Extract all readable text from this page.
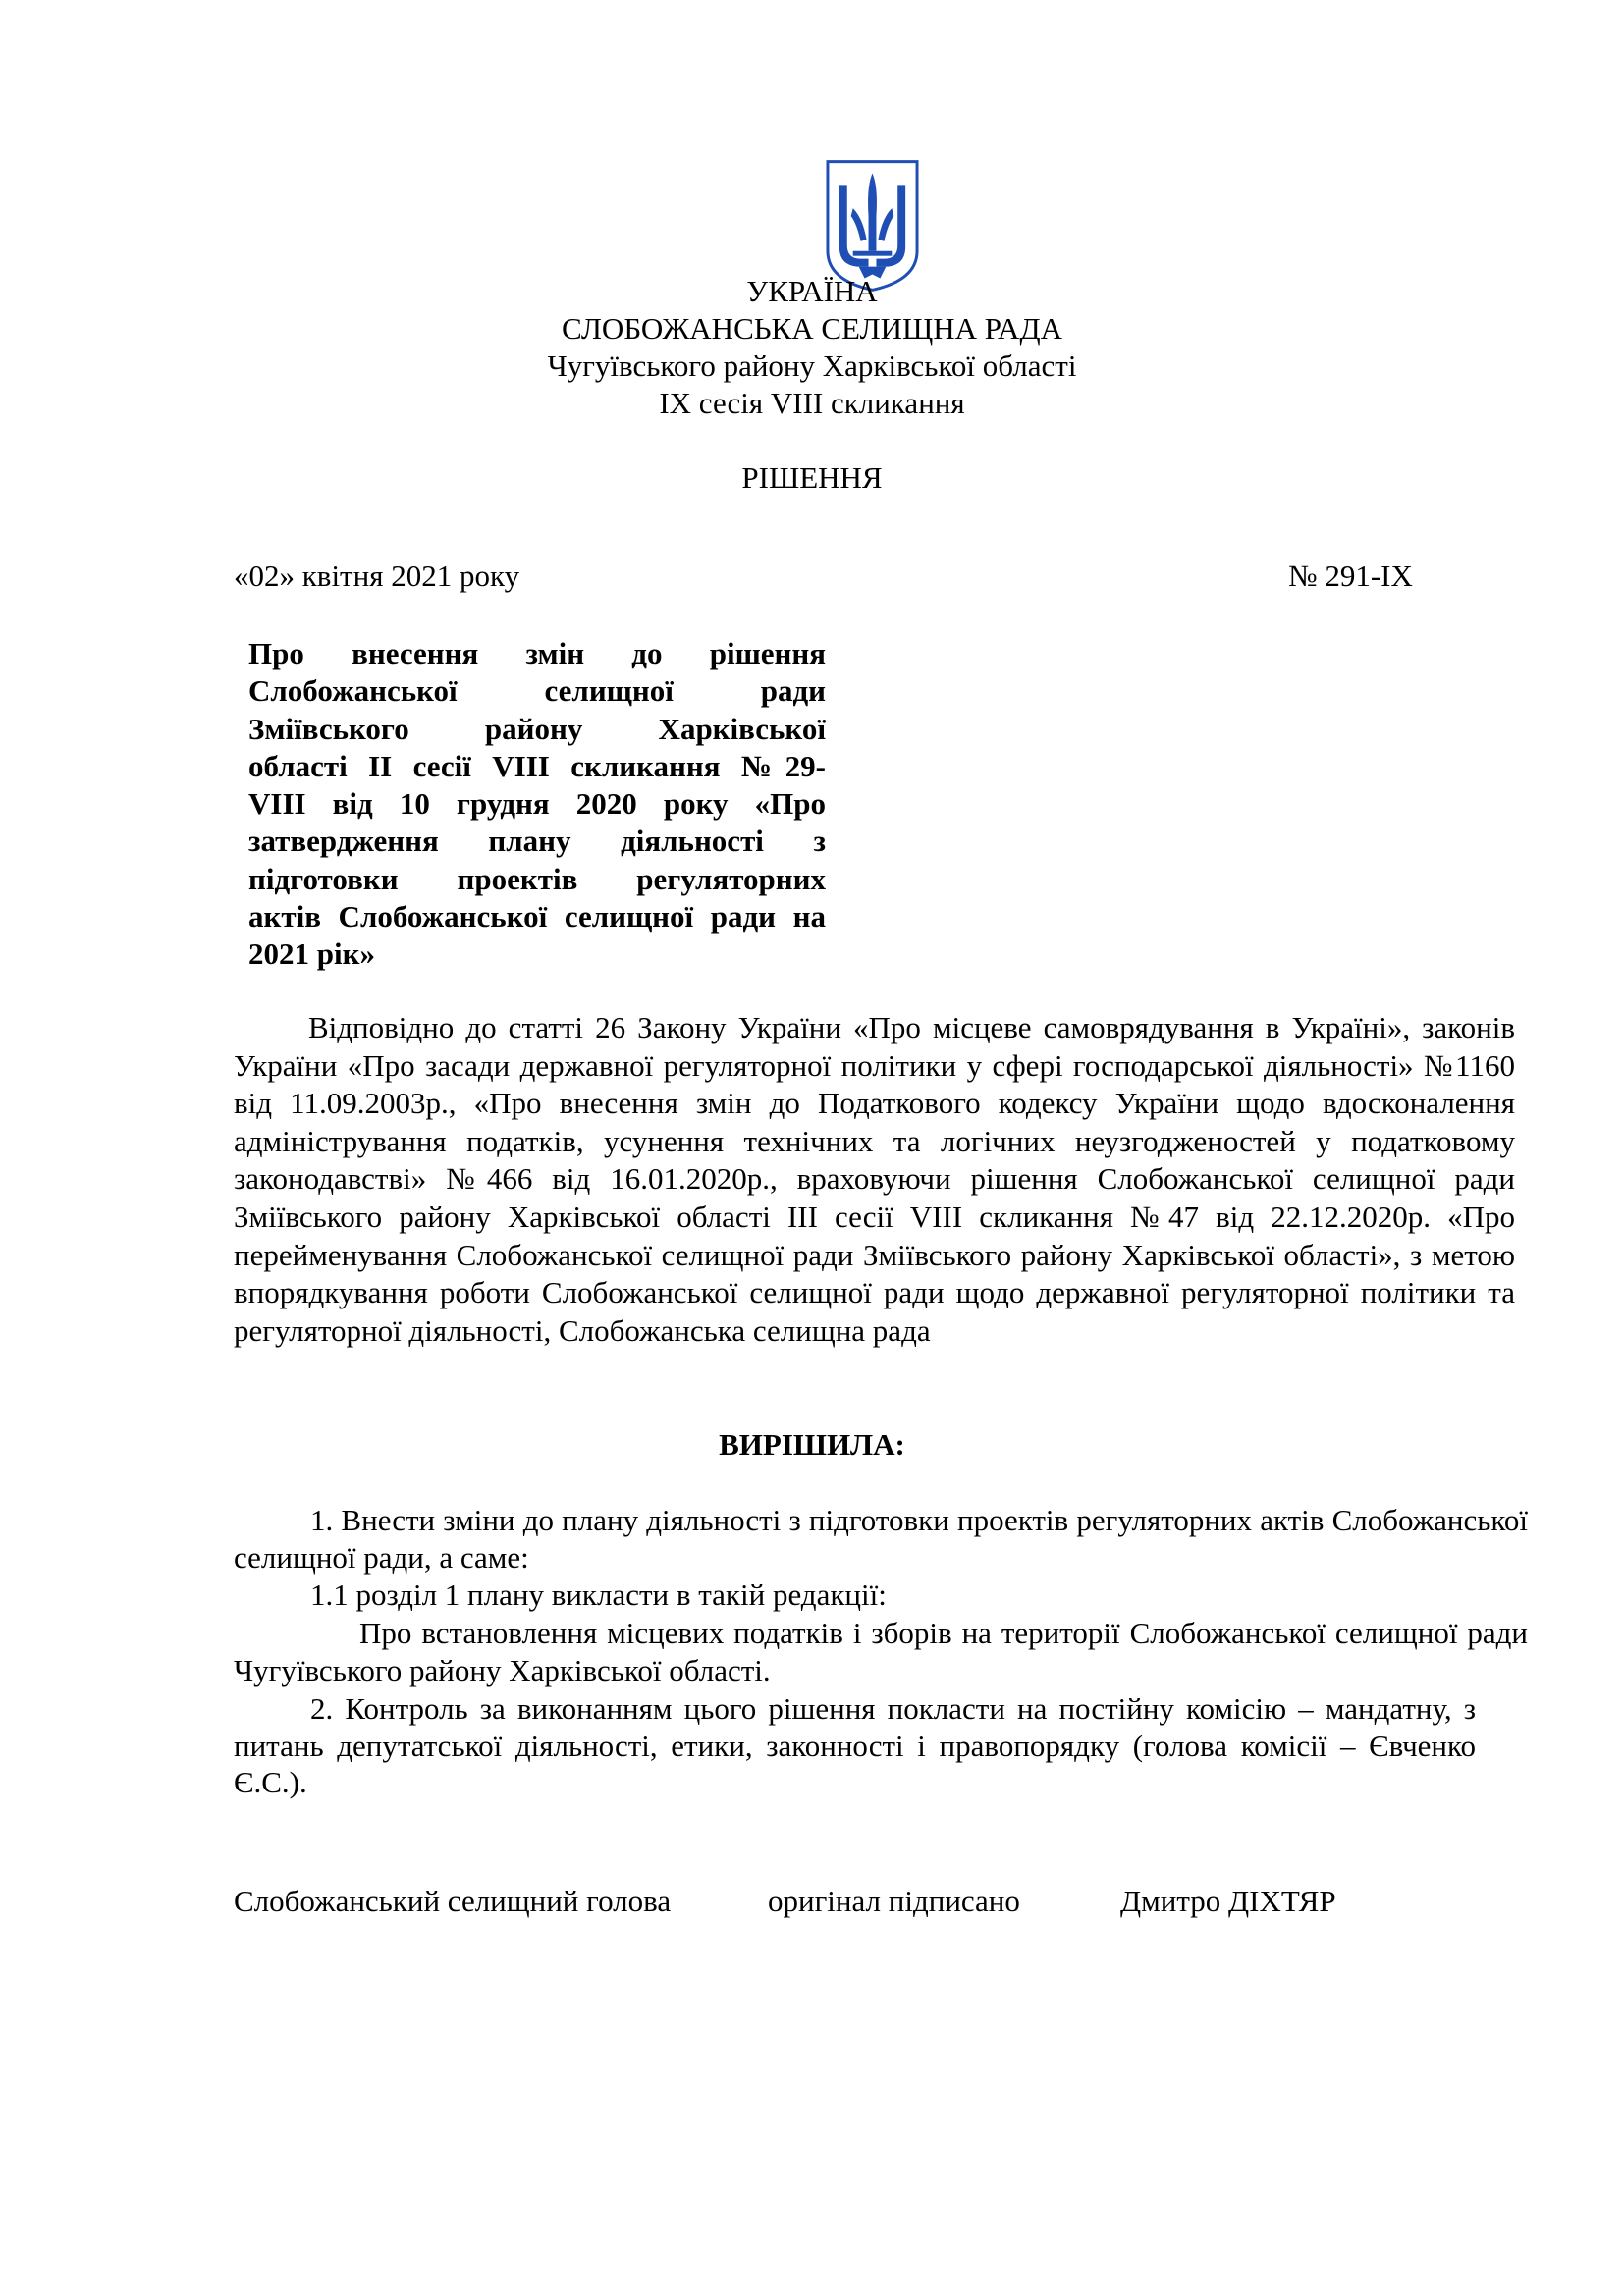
УКРАЇНА
СЛОБОЖАНСЬКА СЕЛИЩНА РАДА
Чугуївського району Харківської області
IX сесія VIII скликання
РІШЕННЯ
«02» квітня 2021 року	№ 291-IX
Про внесення змін до рішення
Слобожанської селищної ради
Зміївського району Харківської
області II сесії VIII скликання №29-
VIII від 10 грудня 2020 року «Про
затвердження плану діяльності з
підготовки проектів регуляторних
актів Слобожанської селищної ради на
2021 рік»
Відповідно до статті 26 Закону України «Про місцеве самоврядування в Україні», законів України «Про засади державної регуляторної політики у сфері господарської діяльності» №1160 від 11.09.2003р., «Про внесення змін до Податкового кодексу України щодо вдосконалення адміністрування податків, усунення технічних та логічних неузгодженостей у податковому законодавстві» №466 від 16.01.2020р., враховуючи рішення Слобожанської селищної ради Зміївського району Харківської області III сесії VIII скликання №47 від 22.12.2020р. «Про перейменування Слобожанської селищної ради Зміївського району Харківської області», з метою впорядкування роботи Слобожанської селищної ради щодо державної регуляторної політики та регуляторної діяльності, Слобожанська селищна рада
ВИРІШИЛА:
1. Внести зміни до плану діяльності з підготовки проектів регуляторних актів Слобожанської селищної ради, а саме:
1.1 розділ 1 плану викласти в такій редакції:
Про встановлення місцевих податків і зборів на території Слобожанської селищної ради Чугуївського району Харківської області.
2. Контроль за виконанням цього рішення покласти на постійну комісію – мандатну, з питань депутатської діяльності, етики, законності і правопорядку (голова комісії – Євченко Є.С.).
Слобожанський селищний голова	оригінал підписано	Дмитро ДІХТЯР
